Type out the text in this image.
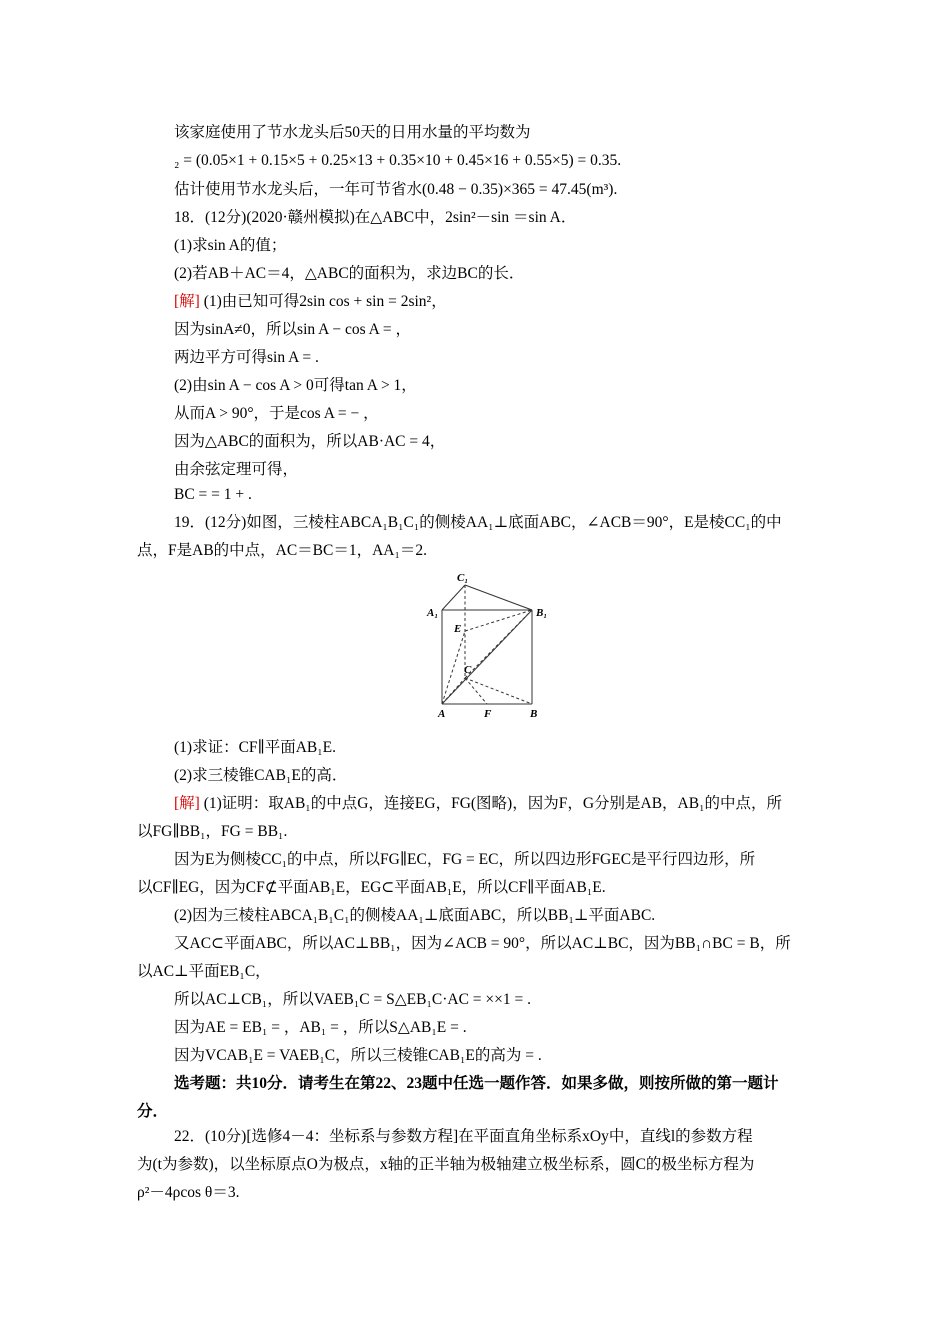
该家庭使用了节水龙头后50天的日用水量的平均数为
₂ = (0.05×1 + 0.15×5 + 0.25×13 + 0.35×10 + 0.45×16 + 0.55×5) = 0.35.
估计使用节水龙头后，一年可节省水(0.48 − 0.35)×365 = 47.45(m³).
18．(12分)(2020·赣州模拟)在△ABC中，2sin²－sin ＝sin A．
(1)求sin A的值；
(2)若AB＋AC＝4，△ABC的面积为，求边BC的长．
[解] (1)由已知可得2sin cos + sin = 2sin²，
因为sinA≠0，所以sin A − cos A = ，
两边平方可得sin A = .
(2)由sin A − cos A > 0可得tan A > 1，
从而A > 90°，于是cos A = − ，
因为△ABC的面积为，所以AB·AC = 4，
由余弦定理可得，
BC = = 1 + .
19．(12分)如图，三棱柱ABCA₁B₁C₁的侧棱AA₁⊥底面ABC，∠ACB＝90°，E是棱CC₁的中
点，F是AB的中点，AC＝BC＝1，AA₁＝2.
C₁
A₁	B₁
E
C
A	F	B
(1)求证：CF∥平面AB₁E.
(2)求三棱锥CAB₁E的高．
[解] (1)证明：取AB₁的中点G，连接EG，FG(图略)，因为F，G分别是AB，AB₁的中点，所
以FG∥BB₁，FG = BB₁.
因为E为侧棱CC₁的中点，所以FG∥EC，FG = EC，所以四边形FGEC是平行四边形，所
以CF∥EG，因为CF⊄平面AB₁E，EG⊂平面AB₁E，所以CF∥平面AB₁E.
(2)因为三棱柱ABCA₁B₁C₁的侧棱AA₁⊥底面ABC，所以BB₁⊥平面ABC.
又AC⊂平面ABC，所以AC⊥BB₁，因为∠ACB = 90°，所以AC⊥BC，因为BB₁∩BC = B，所
以AC⊥平面EB₁C，
所以AC⊥CB₁，所以VAEB₁C = S△EB₁C·AC = ××1 = .
因为AE = EB₁ = ，AB₁ = ，所以S△AB₁E = .
因为VCAB₁E = VAEB₁C，所以三棱锥CAB₁E的高为 = .
选考题：共10分．请考生在第22、23题中任选一题作答．如果多做，则按所做的第一题计
分．
22．(10分)[选修4－4：坐标系与参数方程]在平面直角坐标系xOy中，直线l的参数方程
为(t为参数)，以坐标原点O为极点，x轴的正半轴为极轴建立极坐标系，圆C的极坐标方程为
ρ²－4ρcos θ＝3.
